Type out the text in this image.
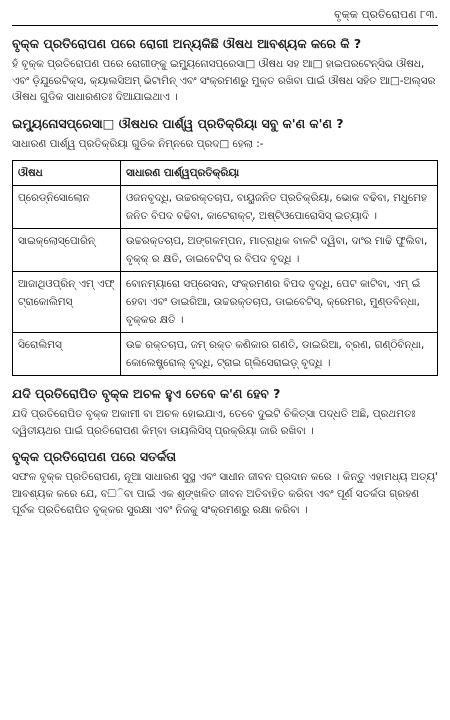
ବୃକ୍କ ପ୍ରତିରୋପଣ ୮୩.
ବୃକ୍କ ପ୍ରତିରୋପଣ ପରେ ରୋଗୀ ଅନ୍ୟକିଛି ଔଷଧ ଆବଶ୍ୟକ କରେ କି ?

ହଁ ବୃକ୍କ ପ୍ରତିରୋପଣ ପରେ ରୋଗୀଙ୍କୁ ଇମ୍ୟୁନୋସପ୍ରେସା□ ଔଷଧ ସହ ଆ□ ହାଇପରଟେନ୍‌ସିଭ ଔଷଧ, ଏବଂ ଡ଼ିଯୁରେଟିକ୍‌ସ, କ୍ୟାଲସିଅମ୍ ଭିଟାମିନ୍ ଏବଂ ସଂକ୍ରମଣରୁ ମୁକ୍ତ ରଖିବା ପାଇଁ ଔଷଧ ସହିତ ଆ□-ଅଲ୍‌ସର ଔଷଧ ଗୁଡିକ ସାଧାରଣତଃ ଦିଆଯାଇଥାଏ ।

ଇମ୍ୟୁନୋସପ୍ରେସା□ ଔଷଧର ପାର୍ଶ୍ୱ ପ୍ରତିକ୍ରିୟା ସବୁ କ'ଣ କ'ଣ ?

ସାଧାରଣ ପାର୍ଶ୍ୱ ପ୍ରତିକ୍ରିୟା ଗୁଡିକ ନିମ୍ନରେ ପ୍ରଦ□ ହେଲା :-

ଔଷଧ	ସାଧାରଣ ପାର୍ଶ୍ୱପ୍ରତିକ୍ରିୟା
ପ୍ରେଡ୍‌ନିସୋଲୋନ	ଓଜନବୃଦ୍ଧି, ଉଚ୍ଚରକ୍ତଚାପ, ବାୟୁଜନିତ ପ୍ରତିକ୍ରିୟା, ଭୋକ ବଢିବା, ମଧୁମେହ ଜନିତ ବିପଦ ବଢିବା, କାଟେରାକ୍ଟ୍, ଅଷ୍ଟିଓପୋରୋସିସ୍ ଇତ୍ୟାଦି ।
ସାଇକ୍ଲୋସ୍ପୋରିନ୍	ଉଚ୍ଚରକ୍ତଚାପ, ଅଙ୍ଗକମ୍ପନ, ମାତ୍ରାଧିକ ବାଳଟି ଦ୍ୱିବା, ଦାଂର ମାଢି ଫୁଲିବା, ବୃକ୍କ୍ ର କ୍ଷତି, ଡାଇବେଟିସ୍ ର ବିପଦ ବୃଦ୍ଧି ।
ଆଜାଥିଓପ୍ରିନ୍ ଏମ୍ ଏଫ୍ ଟ୍ରାକୋଲିମସ୍	ବୋନମ୍ୟାରୋ ସପ୍ରେସନ, ସଂକ୍ରମଣର ବିପଦ ବୃଦ୍ଧି, ପେଟ କାଟିବା, ଏମ୍ ଇଁ ହେବା ଏବଂ ଡାଇରିଆ, ଉଚ୍ଚରକ୍ତଚାପ, ଡାଇବେଟିସ୍, କ୍ରେମର, ମୁଣ୍ଡବିନ୍ଧା, ବୃକ୍କର କ୍ଷତି ।
ସିରୋଲିମସ୍	ଉଚ୍ଚ ରକ୍ତଚାପ, ଜମ୍ ରକ୍ତ କଣିକାର ଗଣତି, ଡାଇରିଆ, ବ୍ରଣ, ଗଣ୍ଠିବିନ୍ଧା, କୋଲେଷ୍ଟ୍ରୋଲ୍ ବୃଦ୍ଧି, ଟ୍ରାଇ ଗ୍ଲିସେରାଇଡ଼୍ ବୃଦ୍ଧି ।
ଯଦି ପ୍ରତିରୋପିତ ବୃକ୍କ ଅଚଳ ହୁଏ ତେବେ କ'ଣ ହେବ ?

ଯଦି ପ୍ରତିରୋପିତ ବୃକ୍କ ଅକାମୀ ବା ଅଚଳ ହୋଇଯାଏ, ତେବେ ଦୁଇଟି ଚିକିତ୍ସା ପଦ୍ଧତି ଅଛି, ପ୍ରଥମତଃ ଦ୍ୱିତୀୟଥର ପାଇଁ ପ୍ରତିରୋପଣ କିମ୍ବା ଡାୟଲିସିସ୍ ପ୍ରକ୍ରିୟା ଜାରି ରଖିବା ।

ବୃକ୍କ ପ୍ରତିରୋପଣ ପରେ ସତର୍କତା

ସଫଳ ବୃକ୍କ ପ୍ରତିରୋପଣ, ନୂଆ ସାଧାରଣ ସୁସ୍ଥ ଏବଂ ସାଧୀନ ଜୀବନ ପ୍ରଦାନ କରେ । କିନ୍ତୁ ଏହାମଧ୍ୟ ଅତ୍ୟ' ଆବଶ୍ୟକ କରେ ଯେ, ବ□ିବା ପାଇଁ ଏକ ଶୃଙ୍ଖଳିତ ଜୀବନ ଅତିବାହିତ କରିବା ଏବଂ ପୂର୍ଣ ସତର୍କତା ଗ୍ରହଣ ପୂର୍ବକ ପ୍ରତିରୋପିତ ବୃକ୍କର ସୁରକ୍ଷା ଏବଂ ନିଜକୁ ସଂକ୍ରମଣରୁ ରକ୍ଷା କରିବା ।
